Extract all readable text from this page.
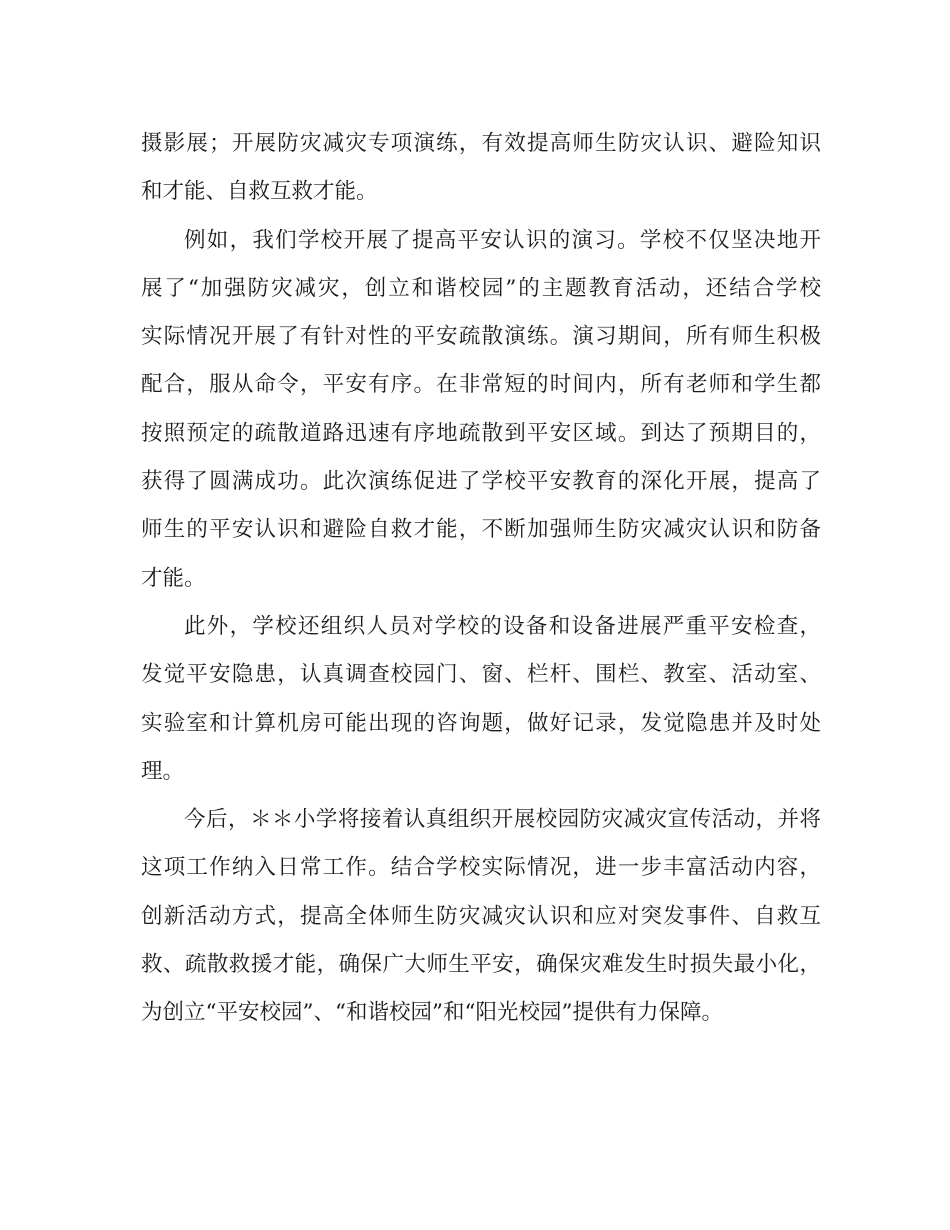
摄影展；开展防灾减灾专项演练，有效提高师生防灾认识、避险知识
和才能、自救互救才能。
例如，我们学校开展了提高平安认识的演习。学校不仅坚决地开
展了“加强防灾减灾，创立和谐校园”的主题教育活动，还结合学校
实际情况开展了有针对性的平安疏散演练。演习期间，所有师生积极
配合，服从命令，平安有序。在非常短的时间内，所有老师和学生都
按照预定的疏散道路迅速有序地疏散到平安区域。到达了预期目的，
获得了圆满成功。此次演练促进了学校平安教育的深化开展，提高了
师生的平安认识和避险自救才能，不断加强师生防灾减灾认识和防备
才能。
此外，学校还组织人员对学校的设备和设备进展严重平安检查，
发觉平安隐患，认真调查校园门、窗、栏杆、围栏、教室、活动室、
实验室和计算机房可能出现的咨询题，做好记录，发觉隐患并及时处
理。
今后，＊＊小学将接着认真组织开展校园防灾减灾宣传活动，并将
这项工作纳入日常工作。结合学校实际情况，进一步丰富活动内容，
创新活动方式，提高全体师生防灾减灾认识和应对突发事件、自救互
救、疏散救援才能，确保广大师生平安，确保灾难发生时损失最小化，
为创立“平安校园”、“和谐校园”和“阳光校园”提供有力保障。
